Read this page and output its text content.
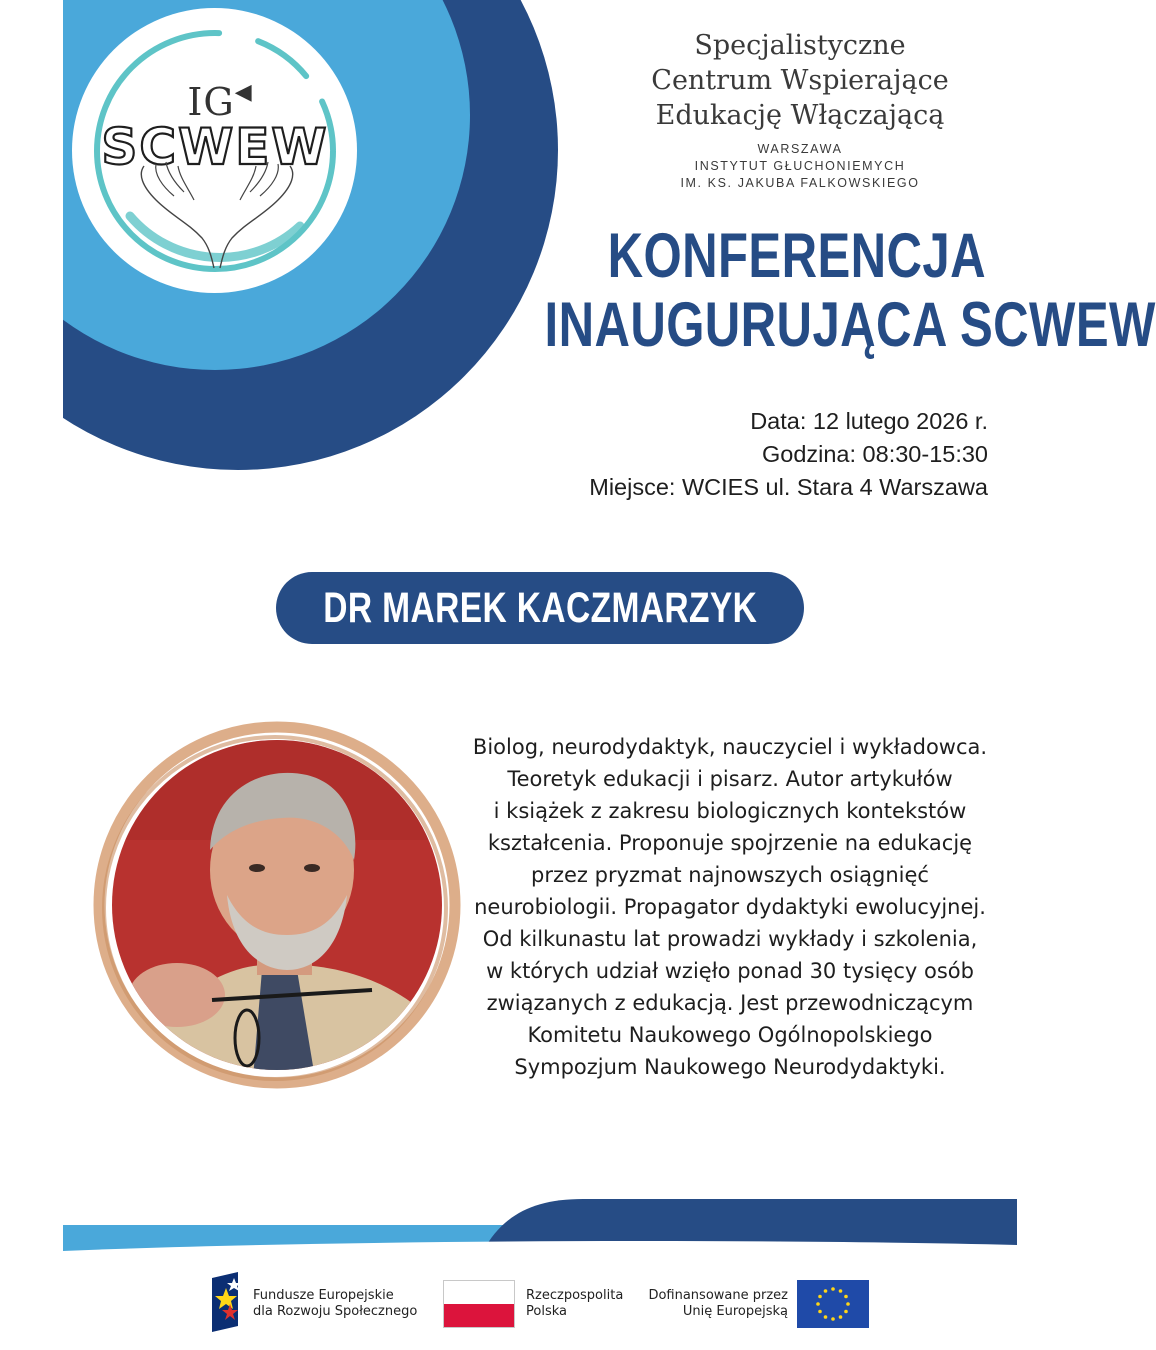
IG◀
SCWEW
Specjalistyczne
Centrum Wspierające
Edukację Włączającą
WARSZAWA
INSTYTUT GŁUCHONIEMYCH
IM. KS. JAKUBA FALKOWSKIEGO
KONFERENCJA
INAUGURUJĄCA SCWEW
Data: 12 lutego 2026 r.
Godzina: 08:30-15:30
Miejsce: WCIES ul. Stara 4 Warszawa
DR MAREK KACZMARZYK
Biolog, neurodydaktyk, nauczyciel i wykładowca.
Teoretyk edukacji i pisarz. Autor artykułów
i książek z zakresu biologicznych kontekstów
kształcenia. Proponuje spojrzenie na edukację
przez pryzmat najnowszych osiągnięć
neurobiologii. Propagator dydaktyki ewolucyjnej.
Od kilkunastu lat prowadzi wykłady i szkolenia,
w których udział wzięło ponad 30 tysięcy osób
związanych z edukacją. Jest przewodniczącym
Komitetu Naukowego Ogólnopolskiego
Sympozjum Naukowego Neurodydaktyki.
Fundusze Europejskie
dla Rozwoju Społecznego
Rzeczpospolita
Polska
Dofinansowane przez
Unię Europejską
